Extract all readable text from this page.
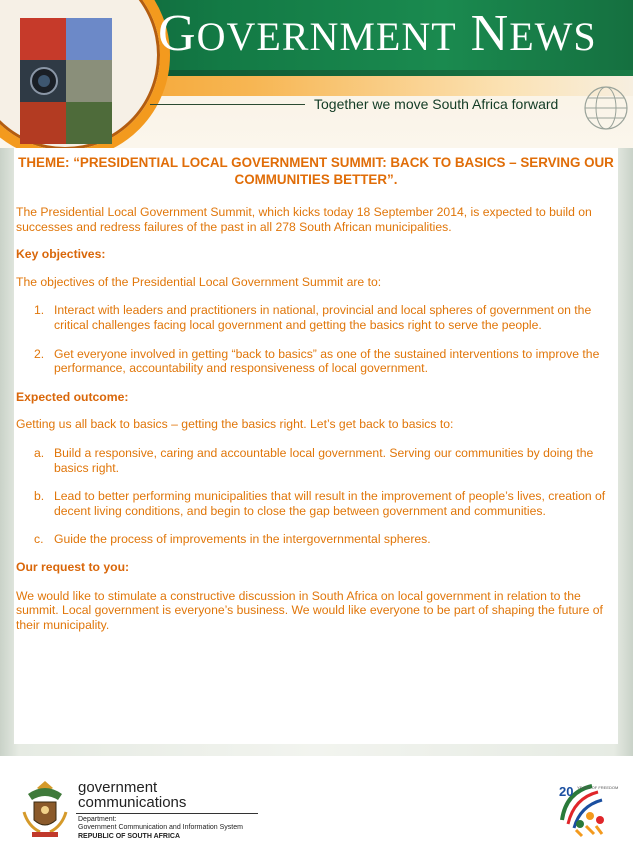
GOVERNMENT NEWS
Together we move South Africa forward

THEME: “PRESIDENTIAL LOCAL GOVERNMENT SUMMIT: BACK TO BASICS – SERVING OUR COMMUNITIES BETTER”.

The Presidential Local Government Summit, which kicks today 18 September 2014, is expected to build on successes and redress failures of the past in all 278 South African municipalities.

Key objectives:

The objectives of the Presidential Local Government Summit are to:

1. Interact with leaders and practitioners in national, provincial and local spheres of government on the critical challenges facing local government and getting the basics right to serve the people.
2. Get everyone involved in getting “back to basics” as one of the sustained interventions to improve the performance, accountability and responsiveness of local government.

Expected outcome:

Getting us all back to basics – getting the basics right. Let’s get back to basics to:

a. Build a responsive, caring and accountable local government. Serving our communities by doing the basics right.
b. Lead to better performing municipalities that will result in the improvement of people’s lives, creation of decent living conditions, and begin to close the gap between government and communities.
c. Guide the process of improvements in the intergovernmental spheres.

Our request to you:

We would like to stimulate a constructive discussion in South Africa on local government in relation to the summit. Local government is everyone’s business. We would like everyone to be part of shaping the future of their municipality.

government
communications
Department:
Government Communication and Information System
REPUBLIC OF SOUTH AFRICA
20 YEARS OF FREEDOM
